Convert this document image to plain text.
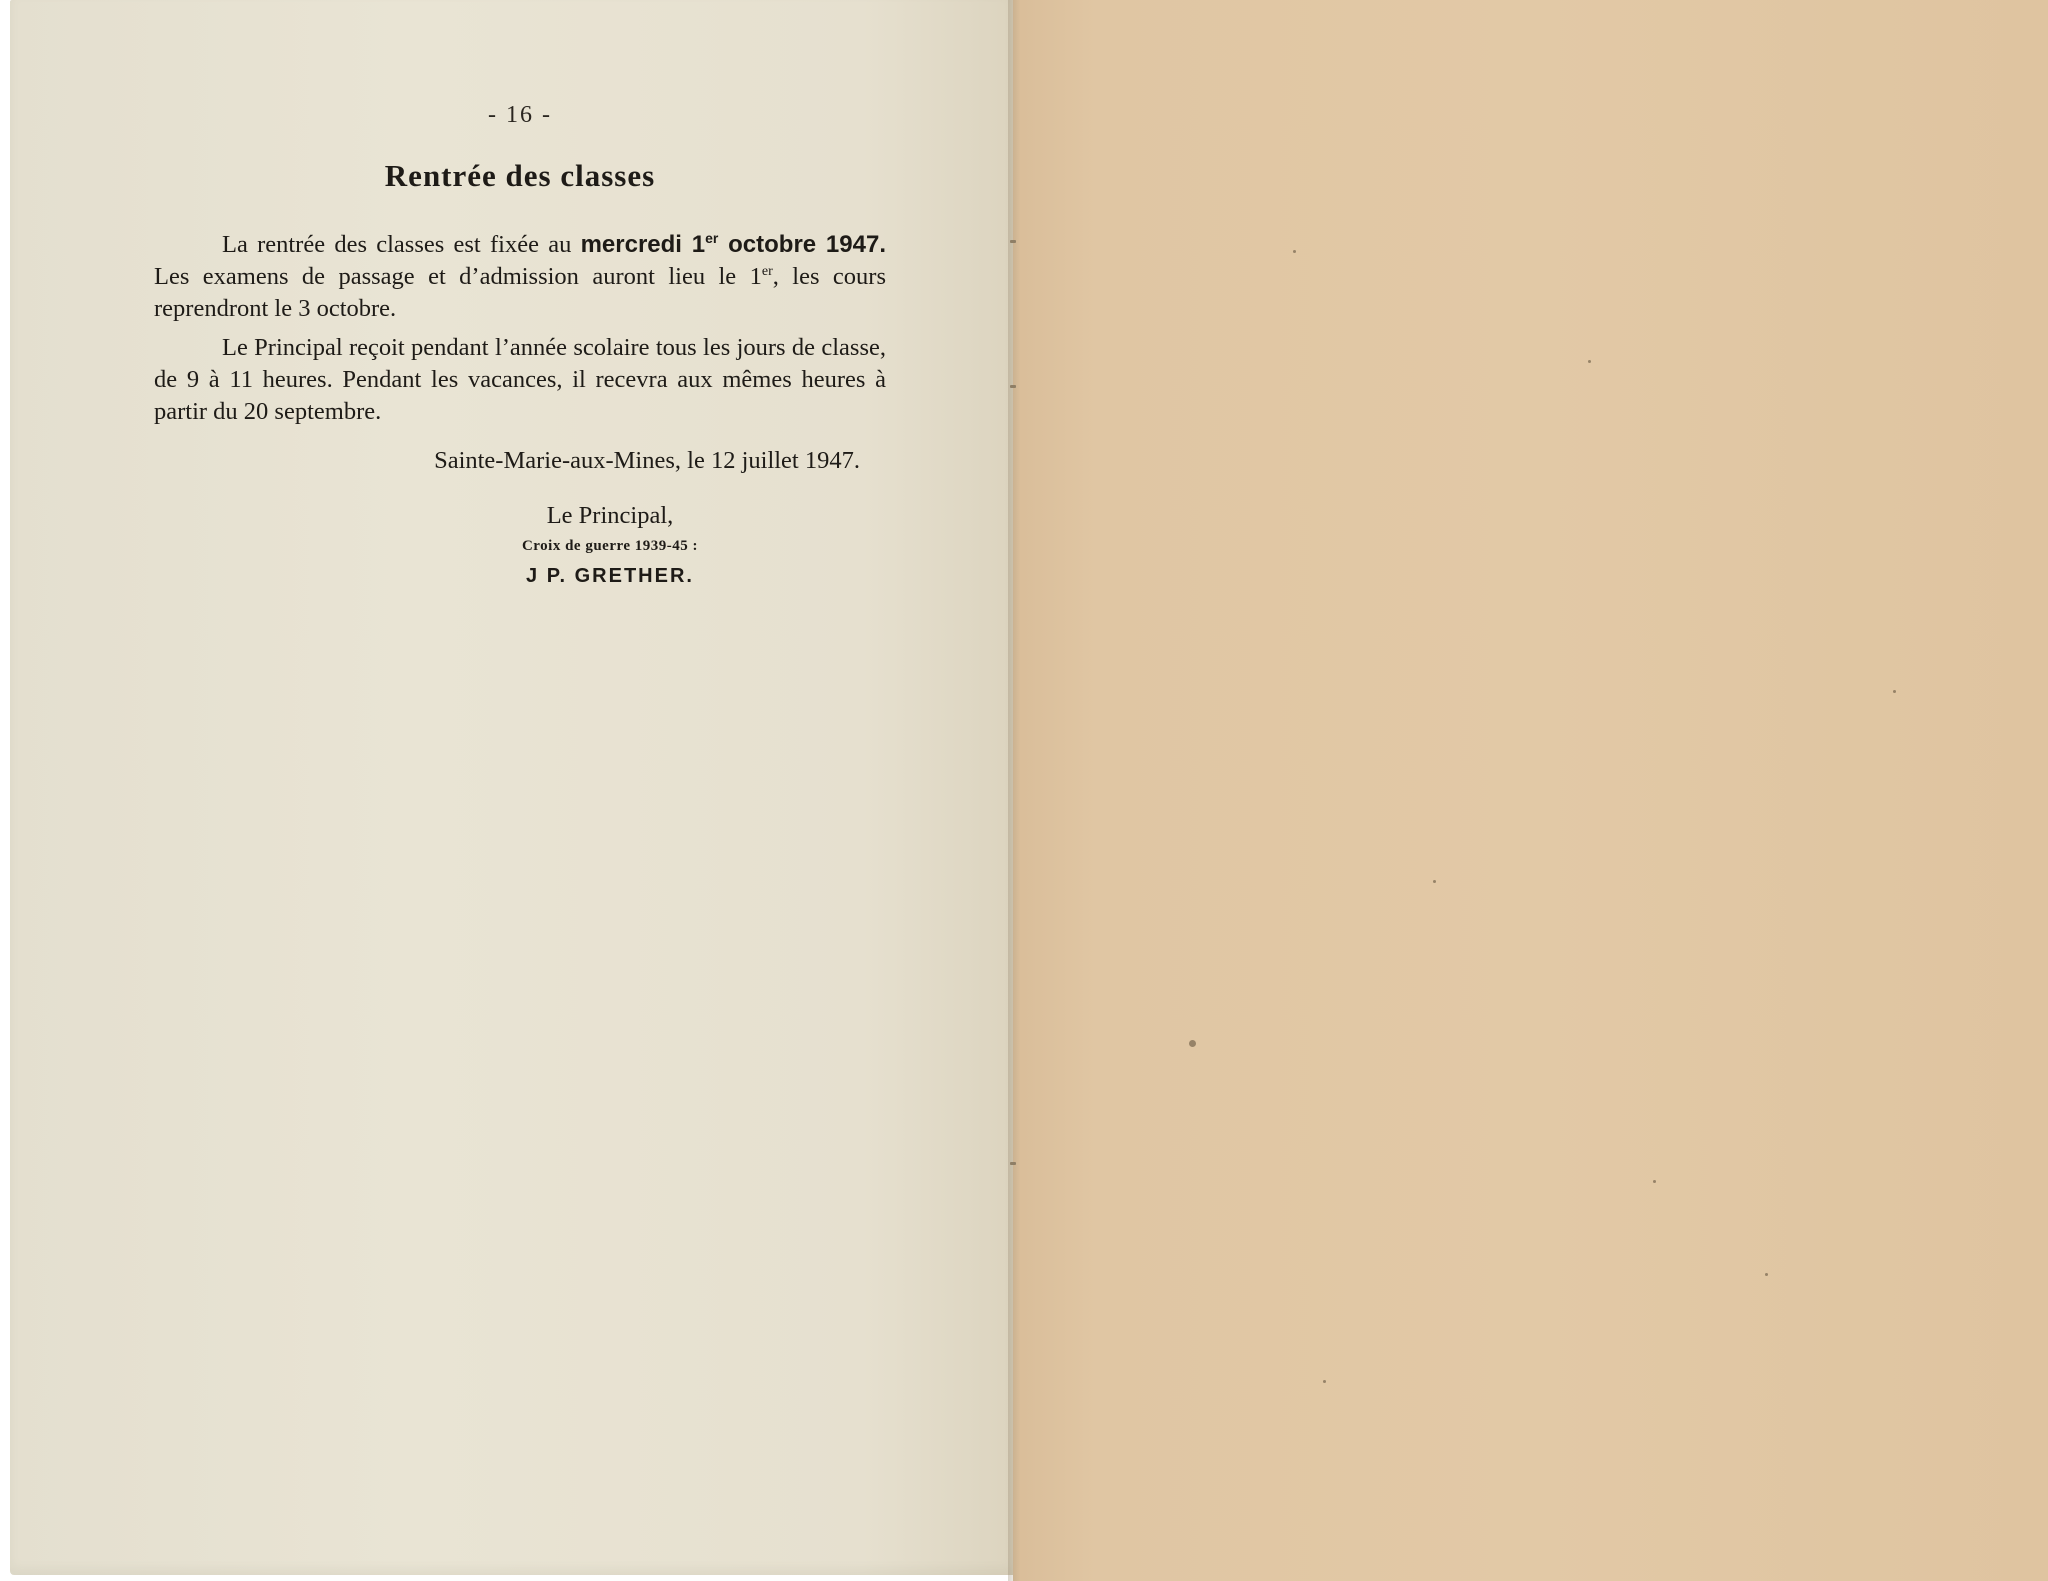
- 16 -
Rentrée des classes
La rentrée des classes est fixée au mercredi 1er octobre 1947. Les examens de passage et d’admission auront lieu le 1er, les cours reprendront le 3 octobre.
Le Principal reçoit pendant l’année scolaire tous les jours de classe, de 9 à 11 heures. Pendant les vacances, il recevra aux mêmes heures à partir du 20 septembre.
Sainte-Marie-aux-Mines, le 12 juillet 1947.
Le Principal,
Croix de guerre 1939-45 :
J P. GRETHER.
